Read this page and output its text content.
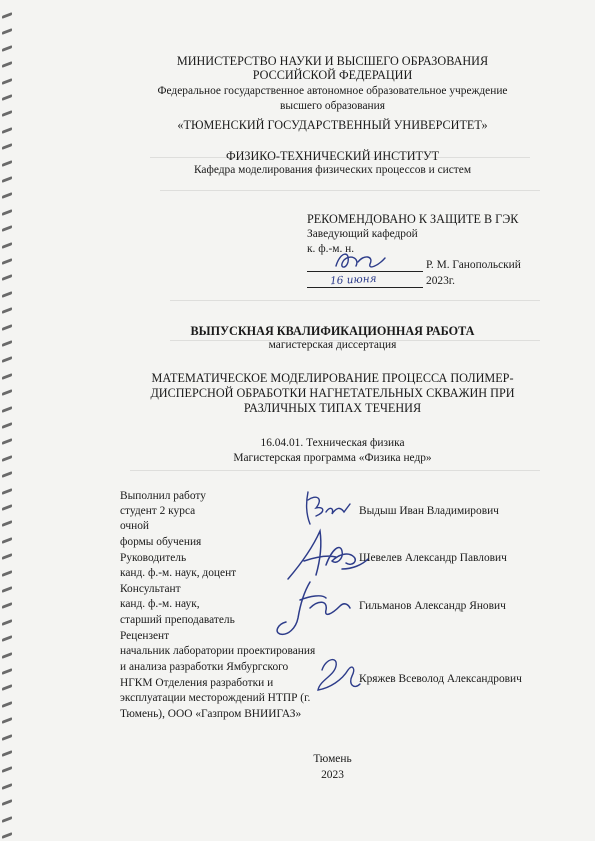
МИНИСТЕРСТВО НАУКИ И ВЫСШЕГО ОБРАЗОВАНИЯ
РОССИЙСКОЙ ФЕДЕРАЦИИ
Федеральное государственное автономное образовательное учреждение
высшего образования
«ТЮМЕНСКИЙ ГОСУДАРСТВЕННЫЙ УНИВЕРСИТЕТ»
ФИЗИКО-ТЕХНИЧЕСКИЙ ИНСТИТУТ
Кафедра моделирования физических процессов и систем
РЕКОМЕНДОВАНО К ЗАЩИТЕ В ГЭК
Заведующий кафедрой
к. ф.-м. н.
Р. М. Ганопольский
2023г.
16 июня
ВЫПУСКНАЯ КВАЛИФИКАЦИОННАЯ РАБОТА
магистерская диссертация
МАТЕМАТИЧЕСКОЕ МОДЕЛИРОВАНИЕ ПРОЦЕССА ПОЛИМЕР-
ДИСПЕРСНОЙ ОБРАБОТКИ НАГНЕТАТЕЛЬНЫХ СКВАЖИН ПРИ
РАЗЛИЧНЫХ ТИПАХ ТЕЧЕНИЯ
16.04.01. Техническая физика
Магистерская программа «Физика недр»
Выполнил работу
студент 2 курса
очной
формы обучения
Руководитель
канд. ф.-м. наук, доцент
Консультант
канд. ф.-м. наук,
старший преподаватель
Рецензент
начальник лаборатории проектирования
и анализа разработки Ямбургского
НГКМ Отделения разработки и
эксплуатации месторождений НТПР (г.
Тюмень), ООО «Газпром ВНИИГАЗ»
Выдыш Иван Владимирович
Шевелев Александр Павлович
Гильманов Александр Янович
Кряжев Всеволод Александрович
Тюмень
2023
